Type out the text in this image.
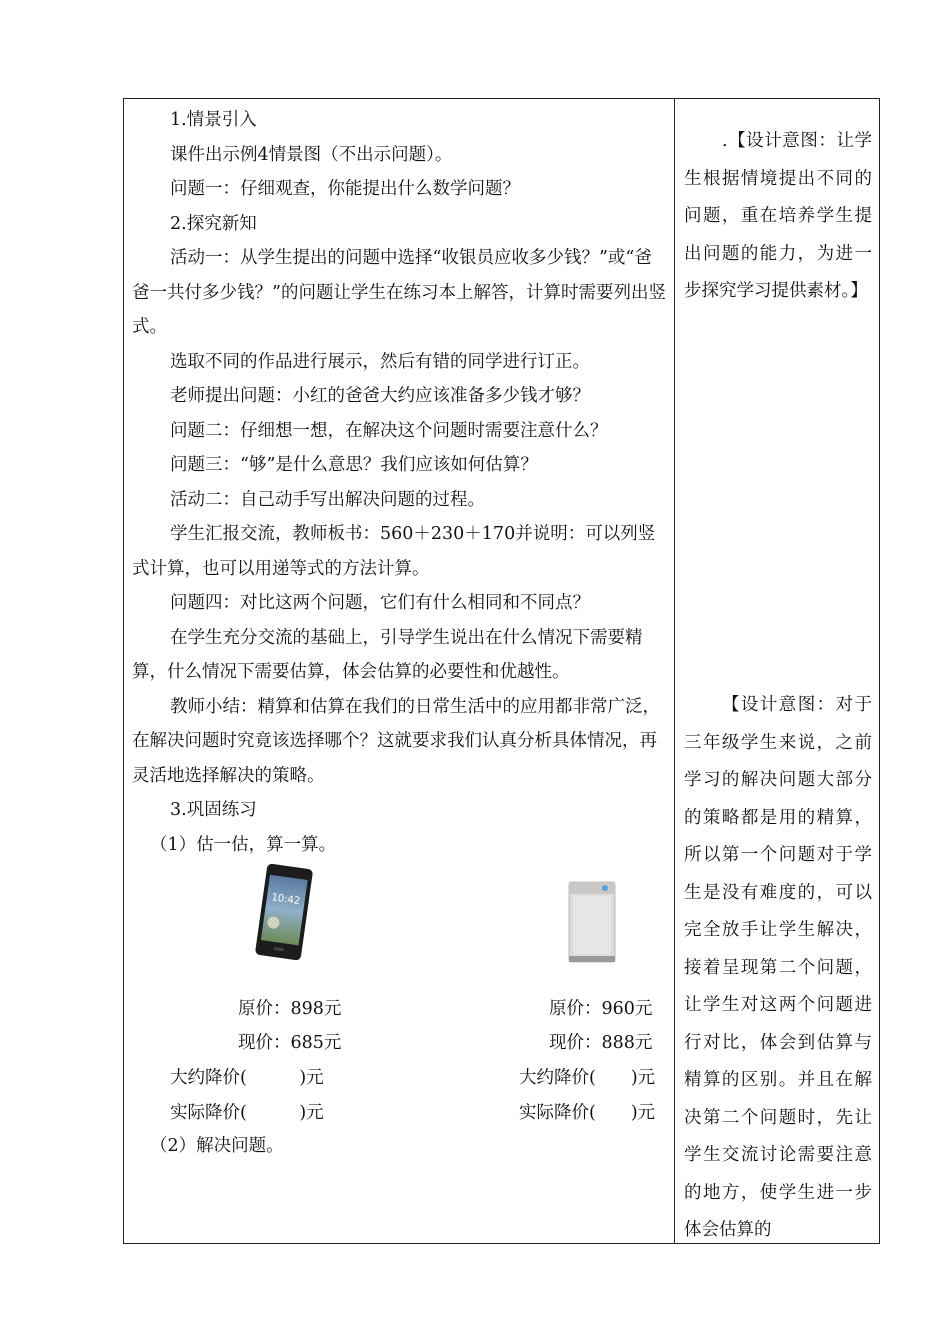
1.情景引入

课件出示例4情景图（不出示问题）。

问题一：仔细观查，你能提出什么数学问题？

2.探究新知

活动一：从学生提出的问题中选择“收银员应收多少钱？”或“爸爸一共付多少钱？”的问题让学生在练习本上解答，计算时需要列出竖式。

选取不同的作品进行展示，然后有错的同学进行订正。

老师提出问题：小红的爸爸大约应该准备多少钱才够？

问题二：仔细想一想，在解决这个问题时需要注意什么？

问题三：“够”是什么意思？我们应该如何估算？

活动二：自己动手写出解决问题的过程。

学生汇报交流，教师板书：560＋230＋170并说明：可以列竖式计算，也可以用递等式的方法计算。

问题四：对比这两个问题，它们有什么相同和不同点？

在学生充分交流的基础上，引导学生说出在什么情况下需要精算，什么情况下需要估算，体会估算的必要性和优越性。

教师小结：精算和估算在我们的日常生活中的应用都非常广泛，在解决问题时究竟该选择哪个？这就要求我们认真分析具体情况，再灵活地选择解决的策略。

3.巩固练习

（1）估一估，算一算。

10:42
原价：898元
现价：685元
大约降价(　　　)元
实际降价(　　　)元
原价：960元
现价：888元
大约降价(　　)元
实际降价(　　)元

（2）解决问题。

.【设计意图：让学生根据情境提出不同的问题，重在培养学生提出问题的能力，为进一步探究学习提供素材。】

【设计意图：对于三年级学生来说，之前学习的解决问题大部分的策略都是用的精算，所以第一个问题对于学生是没有难度的，可以完全放手让学生解决，接着呈现第二个问题，让学生对这两个问题进行对比，体会到估算与精算的区别。并且在解决第二个问题时，先让学生交流讨论需要注意的地方，使学生进一步体会估算的
